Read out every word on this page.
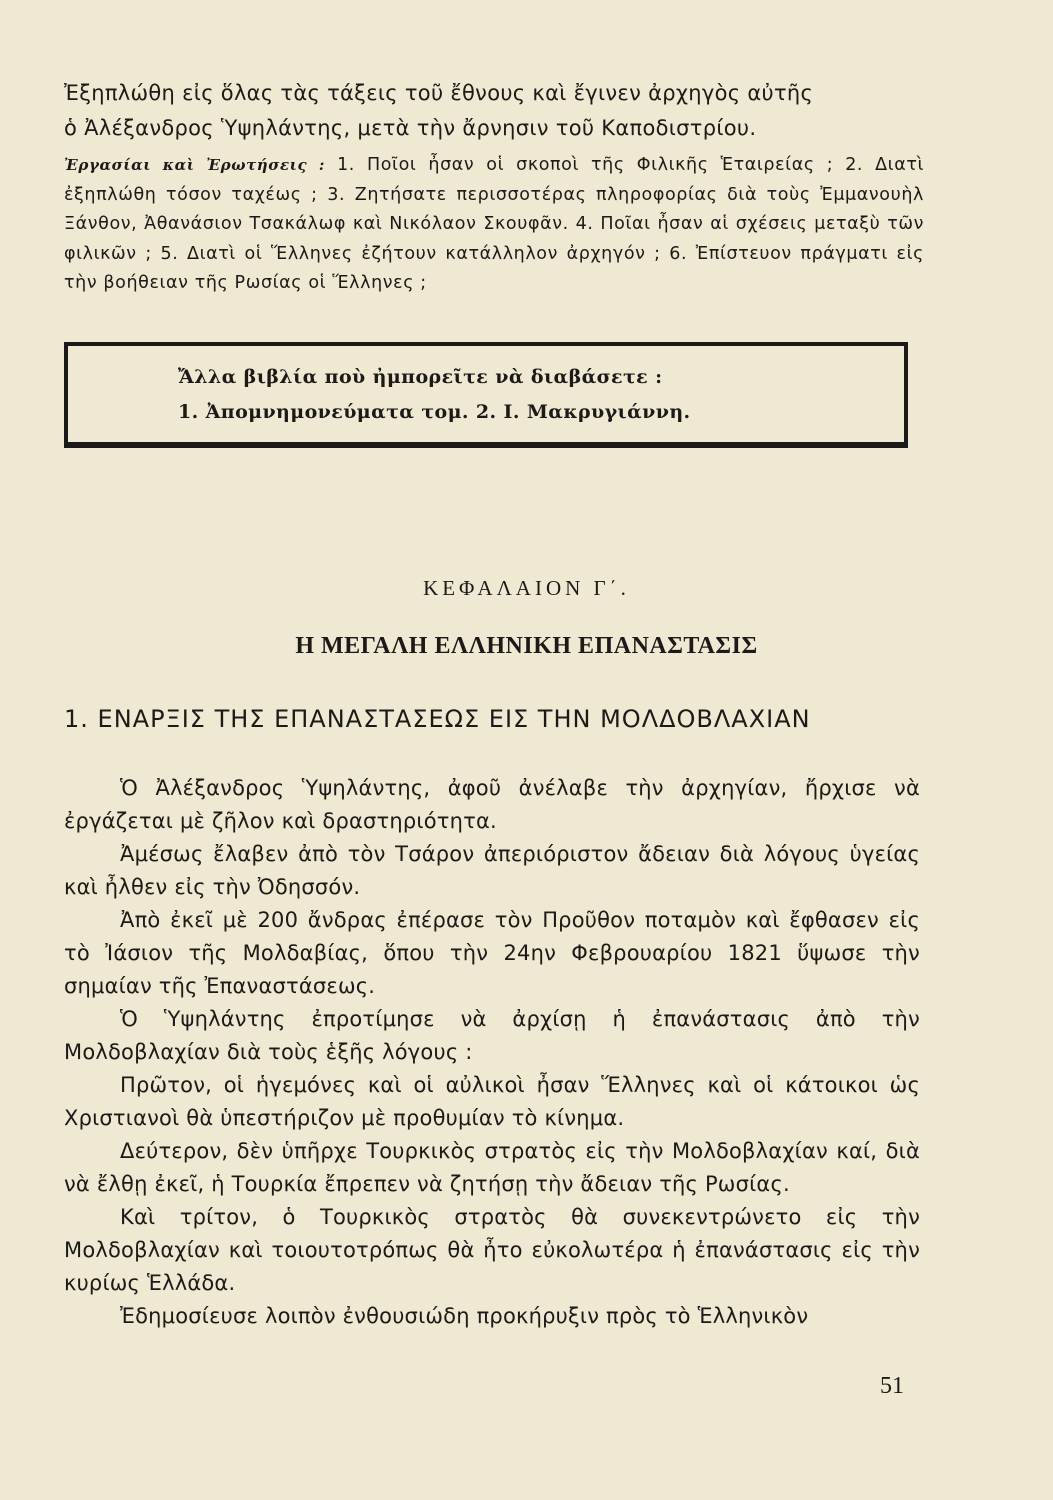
Ἐξηπλώθη εἰς ὅλας τὰς τάξεις τοῦ ἔθνους καὶ ἔγινεν ἀρχηγὸς αὐτῆς

ὁ Ἀλέξανδρος Ὑψηλάντης, μετὰ τὴν ἄρνησιν τοῦ Καποδιστρίου.

Ἐργασίαι καὶ Ἐρωτήσεις : 1. Ποῖοι ἦσαν οἱ σκοποὶ τῆς Φιλικῆς Ἑταιρείας ; 2. Διατὶ ἐξηπλώθη τόσον ταχέως ; 3. Ζητήσατε περισσοτέρας πληροφορίας διὰ τοὺς Ἐμμανουὴλ Ξάνθον, Ἀθανάσιον Τσακάλωφ καὶ Νικόλαον Σκουφᾶν. 4. Ποῖαι ἦσαν αἱ σχέσεις μεταξὺ τῶν φιλικῶν ; 5. Διατὶ οἱ Ἕλληνες ἐζήτουν κατάλληλον ἀρχηγόν ; 6. Ἐπίστευον πράγματι εἰς τὴν βοήθειαν τῆς Ρωσίας οἱ Ἕλληνες ;
Ἄλλα βιβλία ποὺ ἠμπορεῖτε νὰ διαβάσετε :
1. Ἀπομνημονεύματα τομ. 2. Ι. Μακρυγιάννη.
ΚΕΦΑΛΑΙΟΝ Γ΄.
Η ΜΕΓΑΛΗ ΕΛΛΗΝΙΚΗ ΕΠΑΝΑΣΤΑΣΙΣ
1. ΕΝΑΡΞΙΣ ΤΗΣ ΕΠΑΝΑΣΤΑΣΕΩΣ ΕΙΣ ΤΗΝ ΜΟΛΔΟΒΛΑΧΙΑΝ

Ὁ Ἀλέξανδρος Ὑψηλάντης, ἀφοῦ ἀνέλαβε τὴν ἀρχηγίαν, ἤρχισε νὰ ἐργάζεται μὲ ζῆλον καὶ δραστηριότητα.

Ἀμέσως ἔλαβεν ἀπὸ τὸν Τσάρον ἀπεριόριστον ἄδειαν διὰ λόγους ὑγείας καὶ ἦλθεν εἰς τὴν Ὀδησσόν.

Ἀπὸ ἐκεῖ μὲ 200 ἄνδρας ἐπέρασε τὸν Προῦθον ποταμὸν καὶ ἔφθασεν εἰς τὸ Ἰάσιον τῆς Μολδαβίας, ὅπου τὴν 24ην Φεβρουαρίου 1821 ὕψωσε τὴν σημαίαν τῆς Ἐπαναστάσεως.

Ὁ Ὑψηλάντης ἐπροτίμησε νὰ ἀρχίσῃ ἡ ἐπανάστασις ἀπὸ τὴν Μολδοβλαχίαν διὰ τοὺς ἑξῆς λόγους :

Πρῶτον, οἱ ἡγεμόνες καὶ οἱ αὐλικοὶ ἦσαν Ἕλληνες καὶ οἱ κάτοικοι ὡς Χριστιανοὶ θὰ ὑπεστήριζον μὲ προθυμίαν τὸ κίνημα.

Δεύτερον, δὲν ὑπῆρχε Τουρκικὸς στρατὸς εἰς τὴν Μολδοβλαχίαν καί, διὰ νὰ ἔλθῃ ἐκεῖ, ἡ Τουρκία ἔπρεπεν νὰ ζητήσῃ τὴν ἄδειαν τῆς Ρωσίας.

Καὶ τρίτον, ὁ Τουρκικὸς στρατὸς θὰ συνεκεντρώνετο εἰς τὴν Μολδοβλαχίαν καὶ τοιουτοτρόπως θὰ ἦτο εὐκολωτέρα ἡ ἐπανάστασις εἰς τὴν κυρίως Ἑλλάδα.

Ἐδημοσίευσε λοιπὸν ἐνθουσιώδη προκήρυξιν πρὸς τὸ Ἑλληνικὸν

51
